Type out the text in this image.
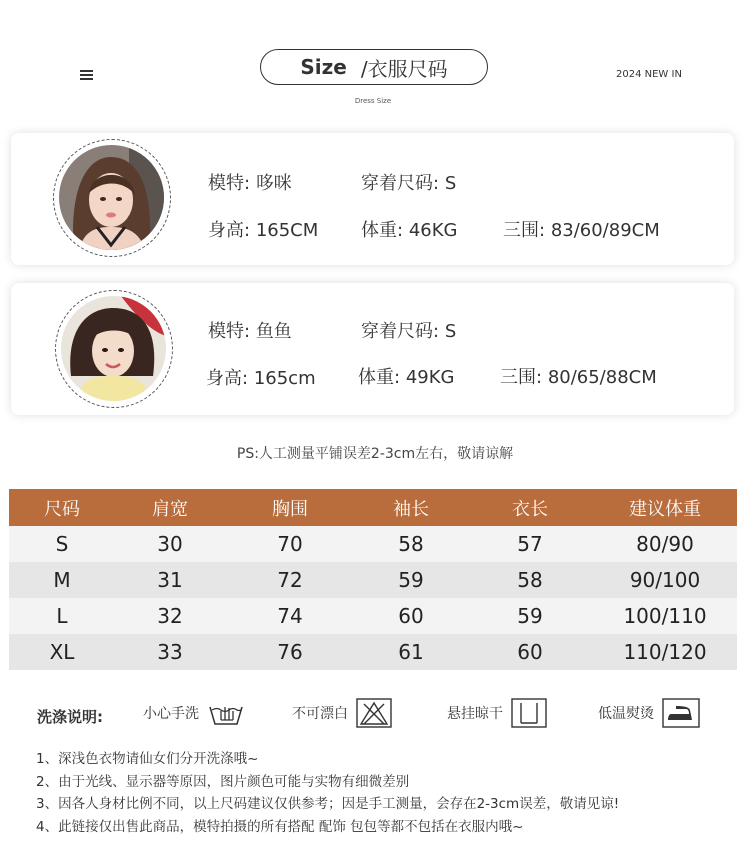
Size /衣服尺码
Dress Size
2024 NEW IN
模特: 哆咪	穿着尺码: S
身高: 165CM 体重: 46KG	三围: 83/60/89CM
模特: 鱼鱼	穿着尺码: S
身高: 165cm 体重: 49KG	三围: 80/65/88CM
PS:人工测量平铺误差2-3cm左右，敬请谅解
尺码	肩宽	胸围	袖长	衣长	建议体重
S	30	70	58	57	80/90
M	31	72	59	58	90/100
L	32	74	60	59	100/110
XL	33	76	61	60	110/120
洗涤说明:	小心手洗	不可漂白	悬挂晾干	低温熨烫
1、深浅色衣物请仙女们分开洗涤哦~
2、由于光线、显示器等原因，图片颜色可能与实物有细微差别
3、因各人身材比例不同，以上尺码建议仅供参考；因是手工测量，会存在2-3cm误差，敬请见谅!
4、此链接仅出售此商品，模特拍摄的所有搭配 配饰 包包等都不包括在衣服内哦~
